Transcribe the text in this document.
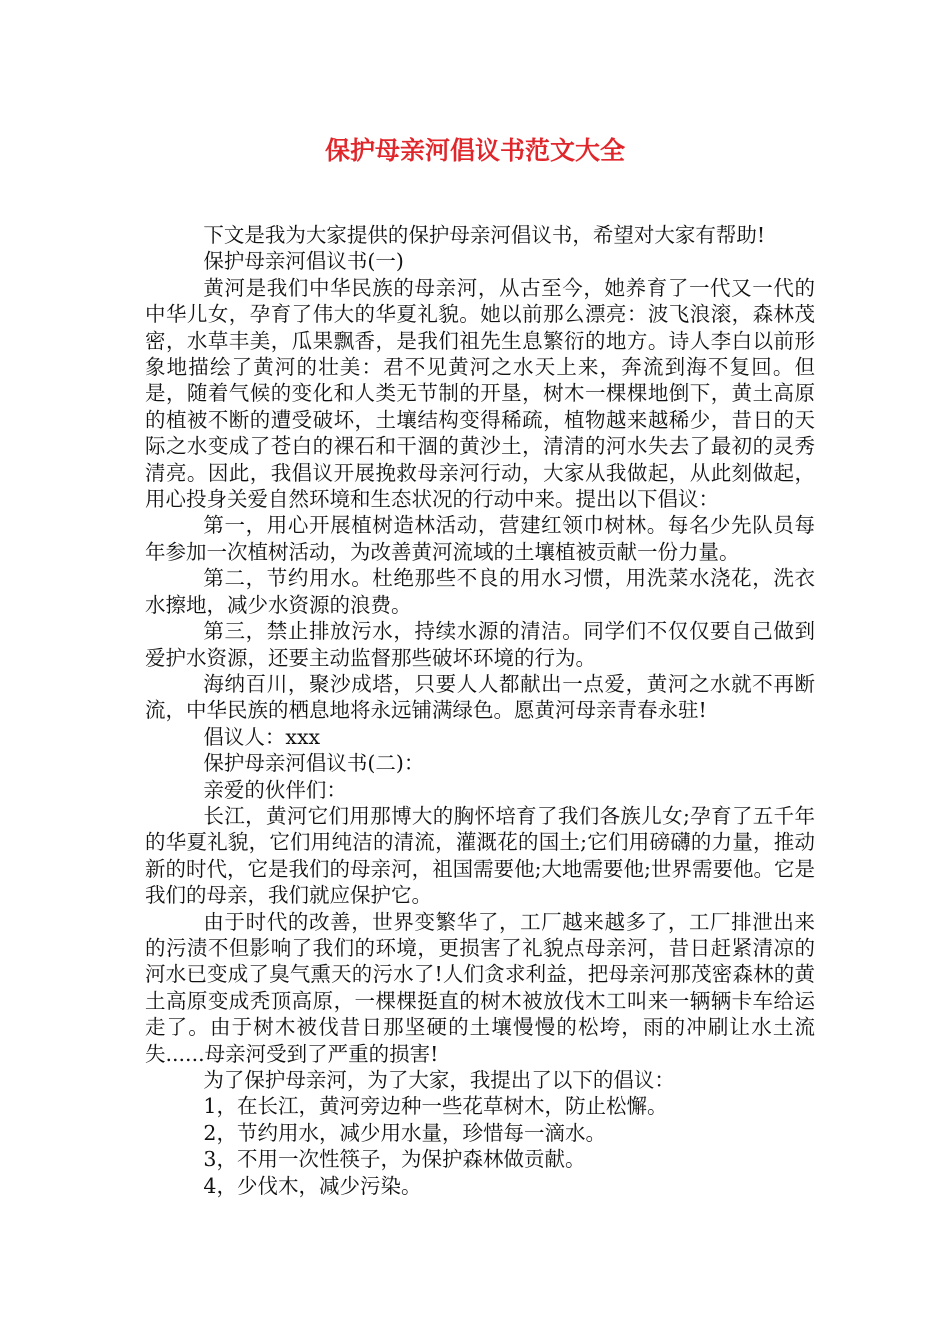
保护母亲河倡议书范文大全

下文是我为大家提供的保护母亲河倡议书，希望对大家有帮助!

保护母亲河倡议书(一)

黄河是我们中华民族的母亲河，从古至今，她养育了一代又一代的中华儿女，孕育了伟大的华夏礼貌。她以前那么漂亮：波飞浪滚，森林茂密，水草丰美，瓜果飘香，是我们祖先生息繁衍的地方。诗人李白以前形象地描绘了黄河的壮美：君不见黄河之水天上来，奔流到海不复回。但是，随着气候的变化和人类无节制的开垦，树木一棵棵地倒下，黄土高原的植被不断的遭受破坏，土壤结构变得稀疏，植物越来越稀少，昔日的天际之水变成了苍白的裸石和干涸的黄沙土，清清的河水失去了最初的灵秀清亮。因此，我倡议开展挽救母亲河行动，大家从我做起，从此刻做起，用心投身关爱自然环境和生态状况的行动中来。提出以下倡议：

第一，用心开展植树造林活动，营建红领巾树林。每名少先队员每年参加一次植树活动，为改善黄河流域的土壤植被贡献一份力量。

第二，节约用水。杜绝那些不良的用水习惯，用洗菜水浇花，洗衣水擦地，减少水资源的浪费。

第三，禁止排放污水，持续水源的清洁。同学们不仅仅要自己做到爱护水资源，还要主动监督那些破坏环境的行为。

海纳百川，聚沙成塔，只要人人都献出一点爱，黄河之水就不再断流，中华民族的栖息地将永远铺满绿色。愿黄河母亲青春永驻!

倡议人：xxx

保护母亲河倡议书(二)：

亲爱的伙伴们：

长江，黄河它们用那博大的胸怀培育了我们各族儿女;孕育了五千年的华夏礼貌，它们用纯洁的清流，灌溉花的国土;它们用磅礴的力量，推动新的时代，它是我们的母亲河，祖国需要他;大地需要他;世界需要他。它是我们的母亲，我们就应保护它。

由于时代的改善，世界变繁华了，工厂越来越多了，工厂排泄出来的污渍不但影响了我们的环境，更损害了礼貌点母亲河，昔日赶紧清凉的河水已变成了臭气熏天的污水了!人们贪求利益，把母亲河那茂密森林的黄土高原变成秃顶高原，一棵棵挺直的树木被放伐木工叫来一辆辆卡车给运走了。由于树木被伐昔日那坚硬的土壤慢慢的松垮，雨的冲刷让水土流失......母亲河受到了严重的损害!

为了保护母亲河，为了大家，我提出了以下的倡议：

1，在长江，黄河旁边种一些花草树木，防止松懈。

2，节约用水，减少用水量，珍惜每一滴水。

3，不用一次性筷子，为保护森林做贡献。

4，少伐木，减少污染。
